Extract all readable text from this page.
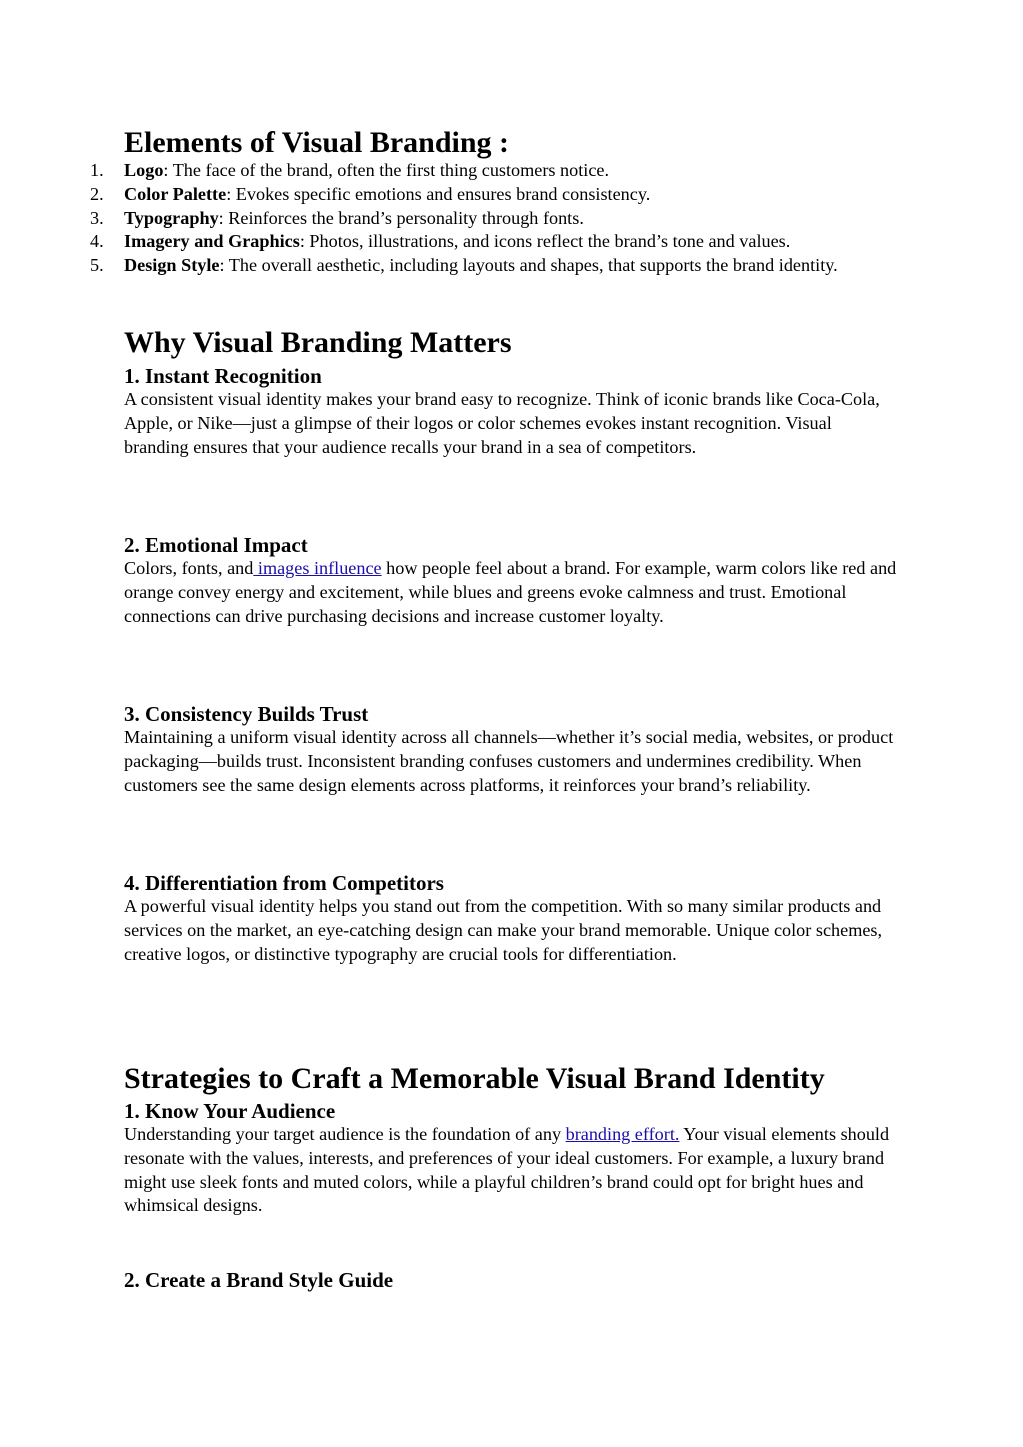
Elements of Visual Branding :
1.	Logo: The face of the brand, often the first thing customers notice.
2.	Color Palette: Evokes specific emotions and ensures brand consistency.
3.	Typography: Reinforces the brand’s personality through fonts.
4.	Imagery and Graphics: Photos, illustrations, and icons reflect the brand’s tone and values.
5.	Design Style: The overall aesthetic, including layouts and shapes, that supports the brand identity.
Why Visual Branding Matters
1. Instant Recognition

A consistent visual identity makes your brand easy to recognize. Think of iconic brands like Coca-Cola, Apple, or Nike—just a glimpse of their logos or color schemes evokes instant recognition. Visual branding ensures that your audience recalls your brand in a sea of competitors.

2. Emotional Impact

Colors, fonts, and images influence how people feel about a brand. For example, warm colors like red and orange convey energy and excitement, while blues and greens evoke calmness and trust. Emotional connections can drive purchasing decisions and increase customer loyalty.

3. Consistency Builds Trust

Maintaining a uniform visual identity across all channels—whether it’s social media, websites, or product packaging—builds trust. Inconsistent branding confuses customers and undermines credibility. When customers see the same design elements across platforms, it reinforces your brand’s reliability.

4. Differentiation from Competitors

A powerful visual identity helps you stand out from the competition. With so many similar products and services on the market, an eye-catching design can make your brand memorable. Unique color schemes, creative logos, or distinctive typography are crucial tools for differentiation.

Strategies to Craft a Memorable Visual Brand Identity
1. Know Your Audience

Understanding your target audience is the foundation of any branding effort. Your visual elements should resonate with the values, interests, and preferences of your ideal customers. For example, a luxury brand might use sleek fonts and muted colors, while a playful children’s brand could opt for bright hues and whimsical designs.

2. Create a Brand Style Guide
